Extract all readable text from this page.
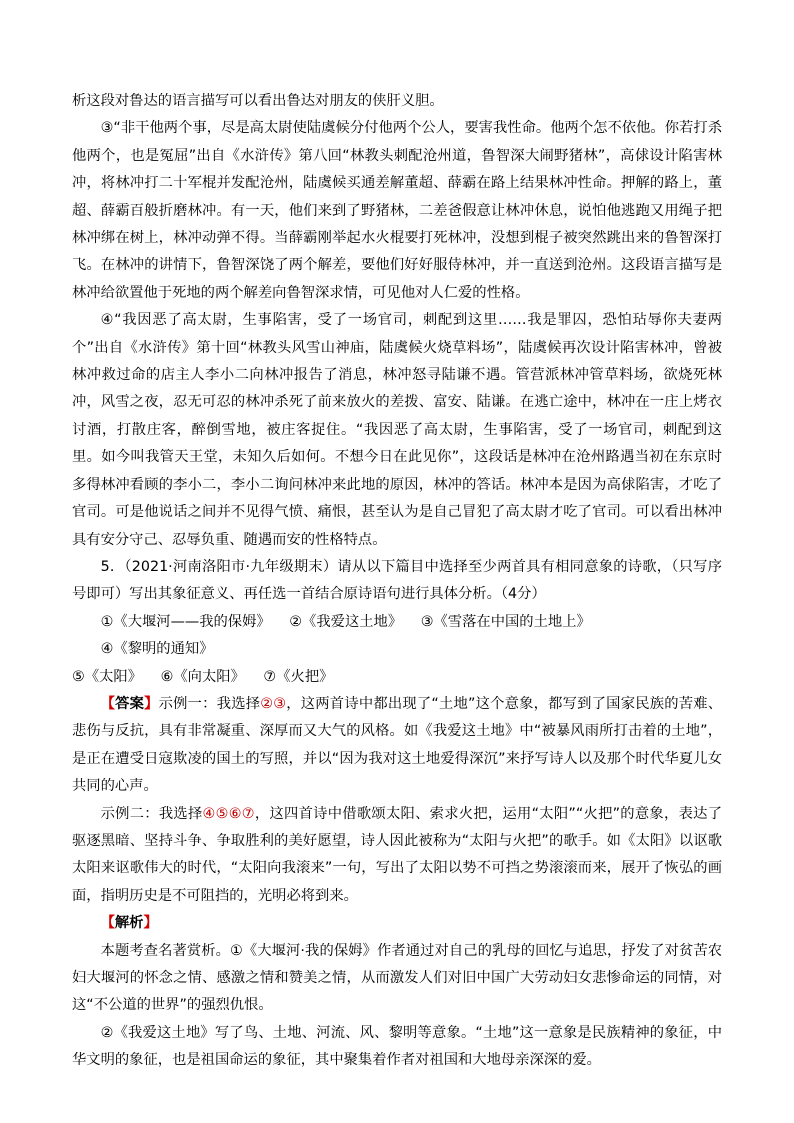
析这段对鲁达的语言描写可以看出鲁达对朋友的侠肝义胆。

③“非干他两个事，尽是高太尉使陆虞候分付他两个公人，要害我性命。他两个怎不依他。你若打杀他两个，也是冤屈”出自《水浒传》第八回“林教头刺配沧州道，鲁智深大闹野猪林”，高俅设计陷害林冲，将林冲打二十军棍并发配沧州，陆虞候买通差解董超、薛霸在路上结果林冲性命。押解的路上，董超、薛霸百般折磨林冲。有一天，他们来到了野猪林，二差爸假意让林冲休息，说怕他逃跑又用绳子把林冲绑在树上，林冲动弹不得。当薛霸刚举起水火棍要打死林冲，没想到棍子被突然跳出来的鲁智深打飞。在林冲的讲情下，鲁智深饶了两个解差，要他们好好服侍林冲，并一直送到沧州。这段语言描写是林冲给欲置他于死地的两个解差向鲁智深求情，可见他对人仁爱的性格。

④“我因恶了高太尉，生事陷害，受了一场官司，刺配到这里……我是罪囚，恐怕玷辱你夫妻两个”出自《水浒传》第十回“林教头风雪山神庙，陆虞候火烧草料场”，陆虞候再次设计陷害林冲，曾被林冲救过命的店主人李小二向林冲报告了消息，林冲怒寻陆谦不遇。管营派林冲管草料场，欲烧死林冲，风雪之夜，忍无可忍的林冲杀死了前来放火的差拨、富安、陆谦。在逃亡途中，林冲在一庄上烤衣讨酒，打散庄客，醉倒雪地，被庄客捉住。“我因恶了高太尉，生事陷害，受了一场官司，刺配到这里。如今叫我管天王堂，未知久后如何。不想今日在此见你”，这段话是林冲在沧州路遇当初在东京时多得林冲看顾的李小二，李小二询问林冲来此地的原因，林冲的答话。林冲本是因为高俅陷害，才吃了官司。可是他说话之间并不见得气愤、痛恨，甚至认为是自己冒犯了高太尉才吃了官司。可以看出林冲具有安分守己、忍辱负重、随遇而安的性格特点。

5．（2021·河南洛阳市·九年级期末）请从以下篇目中选择至少两首具有相同意象的诗歌，（只写序号即可）写出其象征意义、再任选一首结合原诗语句进行具体分析。（4分）

①《大堰河——我的保姆》 ②《我爱这土地》 ③《雪落在中国的土地上》 ④《黎明的通知》
⑤《太阳》 ⑥《向太阳》 ⑦《火把》

【答案】示例一：我选择②③，这两首诗中都出现了“土地”这个意象，都写到了国家民族的苦难、悲伤与反抗，具有非常凝重、深厚而又大气的风格。如《我爱这土地》中“被暴风雨所打击着的土地”，是正在遭受日寇欺凌的国土的写照，并以“因为我对这土地爱得深沉”来抒写诗人以及那个时代华夏儿女共同的心声。

示例二：我选择④⑤⑥⑦，这四首诗中借歌颂太阳、索求火把，运用“太阳”“火把”的意象，表达了驱逐黑暗、坚持斗争、争取胜利的美好愿望，诗人因此被称为“太阳与火把”的歌手。如《太阳》以讴歌太阳来讴歌伟大的时代，“太阳向我滚来”一句，写出了太阳以势不可挡之势滚滚而来，展开了恢弘的画面，指明历史是不可阻挡的，光明必将到来。

【解析】

本题考查名著赏析。①《大堰河·我的保姆》作者通过对自己的乳母的回忆与追思，抒发了对贫苦农妇大堰河的怀念之情、感激之情和赞美之情，从而激发人们对旧中国广大劳动妇女悲惨命运的同情，对这“不公道的世界”的强烈仇恨。

②《我爱这土地》写了鸟、土地、河流、风、黎明等意象。“土地”这一意象是民族精神的象征，中华文明的象征，也是祖国命运的象征，其中聚集着作者对祖国和大地母亲深深的爱。
